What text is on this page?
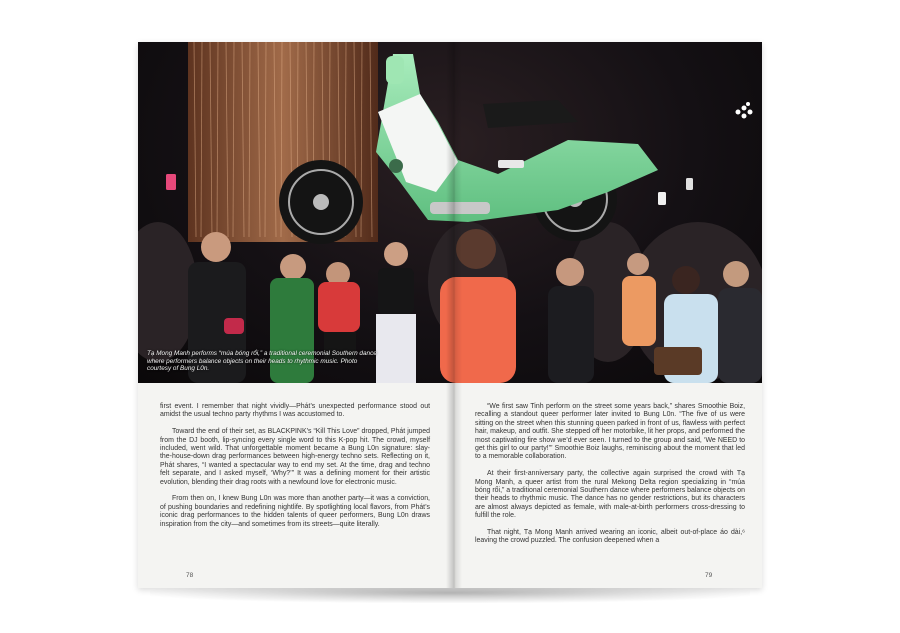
Tạ Mong Manh performs “múa bóng rổi,” a traditional ceremonial Southern dance where performers balance objects on their heads to rhythmic music. Photo courtesy of Bung L0n.

first event. I remember that night vividly—Phát’s unexpected performance stood out amidst the usual techno party rhythms I was accustomed to.

Toward the end of their set, as BLACKPINK’s “Kill This Love” dropped, Phát jumped from the DJ booth, lip-syncing every single word to this K-pop hit. The crowd, myself included, went wild. That unforgettable moment became a Bung L0n signature: slay-the-house-down drag performances between high-energy techno sets. Reflecting on it, Phát shares, “I wanted a spectacular way to end my set. At the time, drag and techno felt separate, and I asked myself, ‘Why?’” It was a defining moment for their artistic evolution, blending their drag roots with a newfound love for electronic music.

From then on, I knew Bung L0n was more than another party—it was a conviction, of pushing boundaries and redefining nightlife. By spotlighting local flavors, from Phát’s iconic drag performances to the hidden talents of queer performers, Bung L0n draws inspiration from the city—and sometimes from its streets—quite literally.

“We first saw Tinh perform on the street some years back,” shares Smoothie Boiz, recalling a standout queer performer later invited to Bung L0n. “The five of us were sitting on the street when this stunning queen parked in front of us, flawless with perfect hair, makeup, and outfit. She stepped off her motorbike, lit her props, and performed the most captivating fire show we’d ever seen. I turned to the group and said, ‘We NEED to get this girl to our party!’” Smoothie Boiz laughs, reminiscing about the moment that led to a memorable collaboration.

At their first-anniversary party, the collective again surprised the crowd with Tạ Mong Manh, a queer artist from the rural Mekong Delta region specializing in “múa bóng rổi,” a traditional ceremonial Southern dance where performers balance objects on their heads to rhythmic music. The dance has no gender restrictions, but its characters are almost always depicted as female, with male-at-birth performers cross-dressing to fulfill the role.

That night, Tạ Mong Manh arrived wearing an iconic, albeit out-of-place áo dài,⁶ leaving the crowd puzzled. The confusion deepened when a

78	79
